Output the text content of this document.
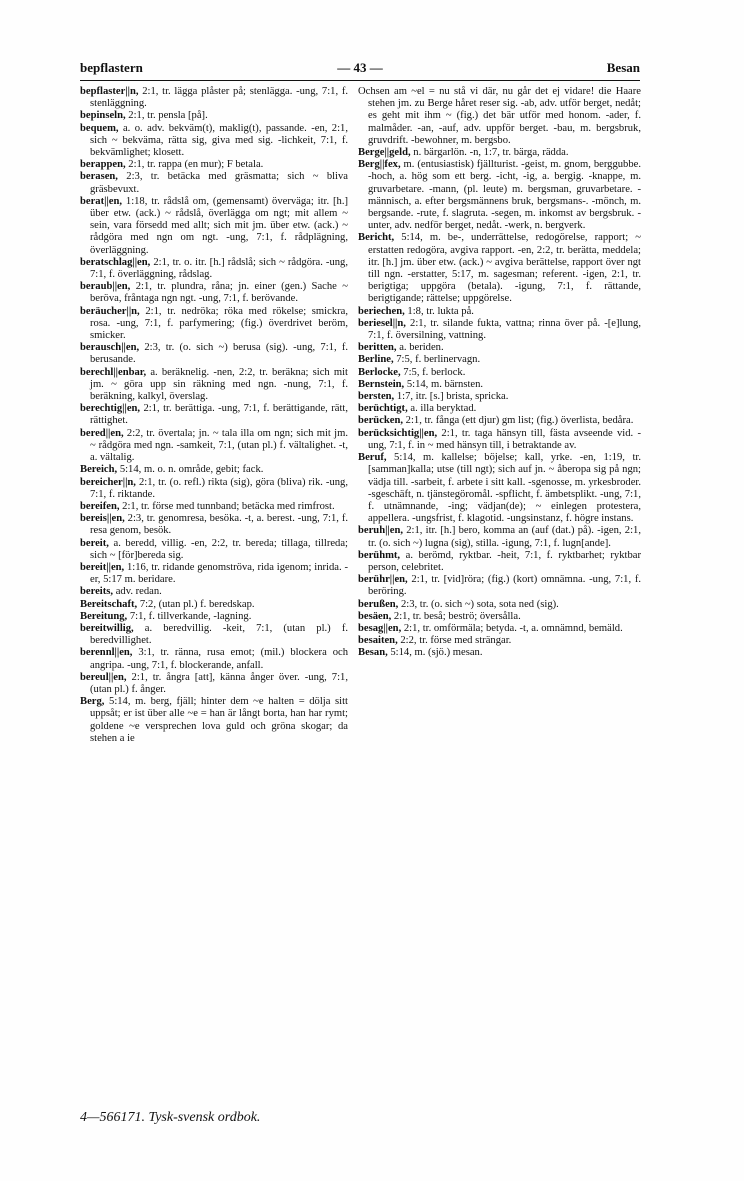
bepflastern	— 43 —	Besan
bepflaster||n, 2:1, tr. lägga plåster på; stenlägga. -ung, 7:1, f. stenläggning.
bepinseln, 2:1, tr. pensla [på].
bequem, a. o. adv. bekväm(t), maklig(t), passande. -en, 2:1, sich ~ bekväma, rätta sig, giva med sig. -lichkeit, 7:1, f. bekvämlighet; klosett.
berappen, 2:1, tr. rappa (en mur); F betala.
berasen, 2:3, tr. betäcka med gräsmatta; sich ~ bliva gräsbevuxt.
berat||en, 1:18, tr. rådslå om, (gemensamt) överväga; itr. [h.] über etw. (ack.) ~ rådslå, överlägga om ngt; mit allem ~ sein, vara försedd med allt; sich mit jm. über etw. (ack.) ~ rådgöra med ngn om ngt. -ung, 7:1, f. rådplägning, överläggning.
beratschlag||en, 2:1, tr. o. itr. [h.] rådslå; sich ~ rådgöra. -ung, 7:1, f. överläggning, rådslag.
beraub||en, 2:1, tr. plundra, råna; jn. einer (gen.) Sache ~ beröva, fråntaga ngn ngt. -ung, 7:1, f. berövande.
beräucher||n, 2:1, tr. nedröka; röka med rökelse; smickra, rosa. -ung, 7:1, f. parfymering; (fig.) överdrivet beröm, smicker.
berausch||en, 2:3, tr. (o. sich ~) berusa (sig). -ung, 7:1, f. berusande.
berechl||enbar, a. beräknelig. -nen, 2:2, tr. beräkna; sich mit jm. ~ göra upp sin räkning med ngn. -nung, 7:1, f. beräkning, kalkyl, överslag.
berechtig||en, 2:1, tr. berättiga. -ung, 7:1, f. berättigande, rätt, rättighet.
bered||en, 2:2, tr. övertala; jn. ~ tala illa om ngn; sich mit jm. ~ rådgöra med ngn. -samkeit, 7:1, (utan pl.) f. vältalighet. -t, a. vältalig.
Bereich, 5:14, m. o. n. område, gebit; fack.
bereicher||n, 2:1, tr. (o. refl.) rikta (sig), göra (bliva) rik. -ung, 7:1, f. riktande.
bereifen, 2:1, tr. förse med tunnband; betäcka med rimfrost.
bereis||en, 2:3, tr. genomresa, besöka. -t, a. berest. -ung, 7:1, f. resa genom, besök.
bereit, a. beredd, villig. -en, 2:2, tr. bereda; tillaga, tillreda; sich ~ [för]bereda sig.
bereit||en, 1:16, tr. ridande genomströva, rida igenom; inrida. -er, 5:17 m. beridare.
bereits, adv. redan.
Bereitschaft, 7:2, (utan pl.) f. beredskap.
Bereitung, 7:1, f. tillverkande, -lagning.
bereitwillig, a. beredvillig. -keit, 7:1, (utan pl.) f. beredvillighet.
berennl||en, 3:1, tr. ränna, rusa emot; (mil.) blockera och angripa. -ung, 7:1, f. blockerande, anfall.
bereul||en, 2:1, tr. ångra [att], känna ånger över. -ung, 7:1, (utan pl.) f. ånger.
Berg, 5:14, m. berg, fjäll; hinter dem ~e halten = dölja sitt uppsåt; er ist über alle ~e = han är långt borta, han har rymt; goldene ~e versprechen lova guld och gröna skogar; da stehen a ie
Ochsen am ~el = nu stå vi där, nu går det ej vidare! die Haare stehen jm. zu Berge håret reser sig. -ab, adv. utför berget, nedåt; es geht mit ihm ~ (fig.) det bär utför med honom. -ader, f. malmåder. -an, -auf, adv. uppför berget. -bau, m. bergsbruk, gruvdrift. -bewohner, m. bergsbo.
Berge||geld, n. bärgarlön. -n, 1:7, tr. bärga, rädda.
Berg||fex, m. (entusiastisk) fjällturist. -geist, m. gnom, berggubbe. -hoch, a. hög som ett berg. -icht, -ig, a. bergig. -knappe, m. gruvarbetare. -mann, (pl. leute) m. bergsman, gruvarbetare. -männisch, a. efter bergsmännens bruk, bergsmans-. -mönch, m. bergsande. -rute, f. slagruta. -segen, m. inkomst av bergsbruk. -unter, adv. nedför berget, nedåt. -werk, n. bergverk.
Bericht, 5:14, m. be-, underrättelse, redogörelse, rapport; ~ erstatten redogöra, avgiva rapport. -en, 2:2, tr. berätta, meddela; itr. [h.] jm. über etw. (ack.) ~ avgiva berättelse, rapport över ngt till ngn. -erstatter, 5:17, m. sagesman; referent. -igen, 2:1, tr. berigtiga; uppgöra (betala). -igung, 7:1, f. rättande, berigtigande; rättelse; uppgörelse.
beriechen, 1:8, tr. lukta på.
beriesel||n, 2:1, tr. silande fukta, vattna; rinna över på. -[e]lung, 7:1, f. översilning, vattning.
beritten, a. beriden.
Berline, 7:5, f. berlinervagn.
Berlocke, 7:5, f. berlock.
Bernstein, 5:14, m. bärnsten.
bersten, 1:7, itr. [s.] brista, spricka.
berüchtigt, a. illa beryktad.
berücken, 2:1, tr. fånga (ett djur) gm list; (fig.) överlista, bedåra.
berücksichtig||en, 2:1, tr. taga hänsyn till, fästa avseende vid. -ung, 7:1, f. in ~ med hänsyn till, i betraktande av.
Beruf, 5:14, m. kallelse; böjelse; kall, yrke. -en, 1:19, tr. [samman]kalla; utse (till ngt); sich auf jn. ~ åberopa sig på ngn; vädja till. -sarbeit, f. arbete i sitt kall. -sgenosse, m. yrkesbroder. -sgeschäft, n. tjänsteg​öromål. -spflicht, f. ämbetsplikt. -ung, 7:1, f. utnämnande, -ing; vädjan(de); ~ einlegen protestera, appellera. -ungsfrist, f. klagotid. -ungsinstanz, f. högre instans.
beruh||en, 2:1, itr. [h.] bero, komma an (auf (dat.) på). -igen, 2:1, tr. (o. sich ~) lugna (sig), stilla. -igung, 7:1, f. lugn[ande].
berühmt, a. berömd, ryktbar. -heit, 7:1, f. ryktbarhet; ryktbar person, celebritet.
berühr||en, 2:1, tr. [vid]röra; (fig.) (kort) omnämna. -ung, 7:1, f. beröring.
berußen, 2:3, tr. (o. sich ~) sota, sota ned (sig).
besäen, 2:1, tr. beså; beströ; översålla.
besag||en, 2:1, tr. omförmäla; betyda. -t, a. omnämnd, bemäld.
besaiten, 2:2, tr. förse med strängar.
Besan, 5:14, m. (sjö.) mesan.
4—566171. Tysk-svensk ordbok.
